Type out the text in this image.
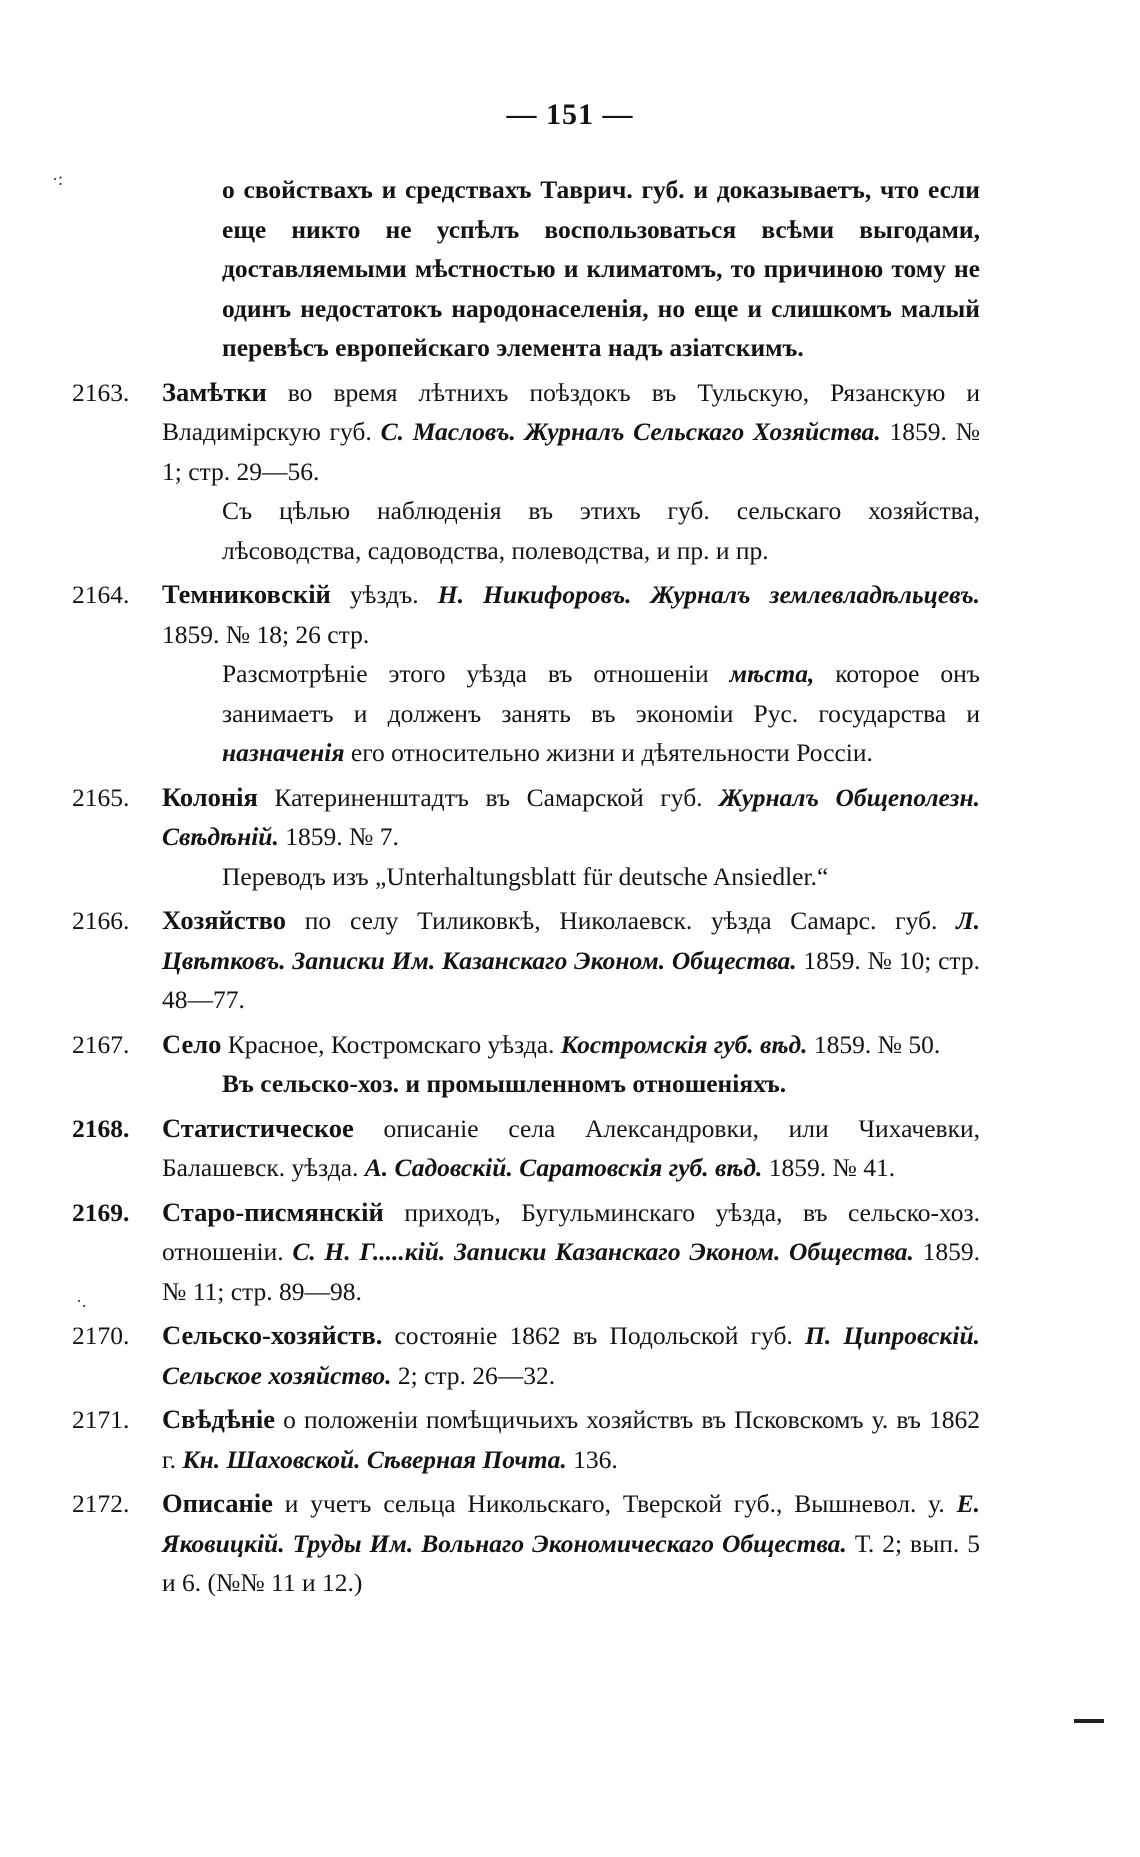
— 151 —
о свойствахъ и средствахъ Таврич. губ. и доказываетъ, что если еще никто не успѣлъ воспользоваться всѣми выгодами, доставляемыми мѣстностью и климатомъ, то причиною тому не одинъ недостатокъ народонаселенія, но еще и слишкомъ малый перевѣсъ европейскаго элемента надъ азіатскимъ.
2163. Замѣтки во время лѣтнихъ поѣздокъ въ Тульскую, Рязанскую и Владимірскую губ. С. Масловъ. Журналъ Сельскаго Хозяйства. 1859. № 1; стр. 29—56.
Съ цѣлью наблюденія въ этихъ губ. сельскаго хозяйства, лѣсоводства, садоводства, полеводства, и пр. и пр.
2164. Темниковскій уѣздъ. Н. Никифоровъ. Журналъ землевладѣльцевъ. 1859. № 18; 26 стр.
Разсмотрѣніе этого уѣзда въ отношеніи мѣста, которое онъ занимаетъ и долженъ занять въ экономіи Рус. государства и назначенія его относительно жизни и дѣятельности Россіи.
2165. Колонія Катериненштадтъ въ Самарской губ. Журналъ Общеполезн. Свѣдѣній. 1859. № 7.
Переводъ изъ „Unterhaltungsblatt für deutsche Ansiedler.“
2166. Хозяйство по селу Тиликовкѣ, Николаевск. уѣзда Самарс. губ. Л. Цвѣтковъ. Записки Им. Казанскаго Эконом. Общества. 1859. № 10; стр. 48—77.
2167. Село Красное, Костромскаго уѣзда. Костромскія губ. вѣд. 1859. № 50.
Въ сельско-хоз. и промышленномъ отношеніяхъ.
2168. Статистическое описаніе села Александровки, или Чихачевки, Балашевск. уѣзда. А. Садовскій. Саратовскія губ. вѣд. 1859. № 41.
2169. Старо-писмянскій приходъ, Бугульминскаго уѣзда, въ сельско-хоз. отношеніи. С. Н. Г.....кій. Записки Казанскаго Эконом. Общества. 1859. № 11; стр. 89—98.
2170. Сельско-хозяйств. состояніе 1862 въ Подольской губ. П. Ципровскій. Сельское хозяйство. 2; стр. 26—32.
2171. Свѣдѣніе о положеніи помѣщичьихъ хозяйствъ въ Псковскомъ у. въ 1862 г. Кн. Шаховской. Сѣверная Почта. 136.
2172. Описаніе и учетъ сельца Никольскаго, Тверской губ., Вышневол. у. Е. Яковицкій. Труды Им. Вольнаго Экономическаго Общества. Т. 2; вып. 5 и 6. (№№ 11 и 12.)
·:
·.
